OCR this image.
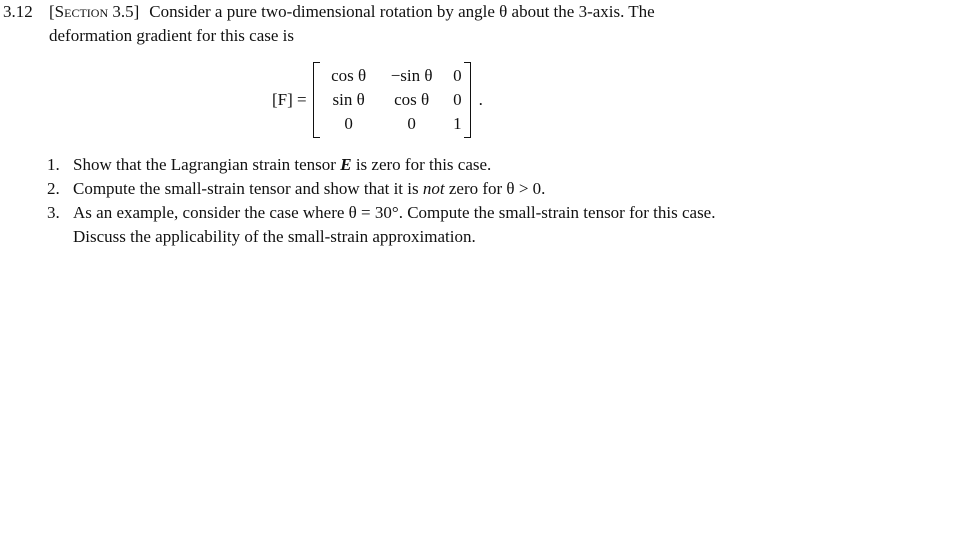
3.12 [Section 3.5] Consider a pure two-dimensional rotation by angle θ about the 3-axis. The
deformation gradient for this case is
[F] =
cos θ	−sin θ	0
sin θ	cos θ	0
0	0	1
.
1. Show that the Lagrangian strain tensor E is zero for this case.
2. Compute the small-strain tensor and show that it is not zero for θ > 0.
3. As an example, consider the case where θ = 30°. Compute the small-strain tensor for this case. Discuss the applicability of the small-strain approximation.
